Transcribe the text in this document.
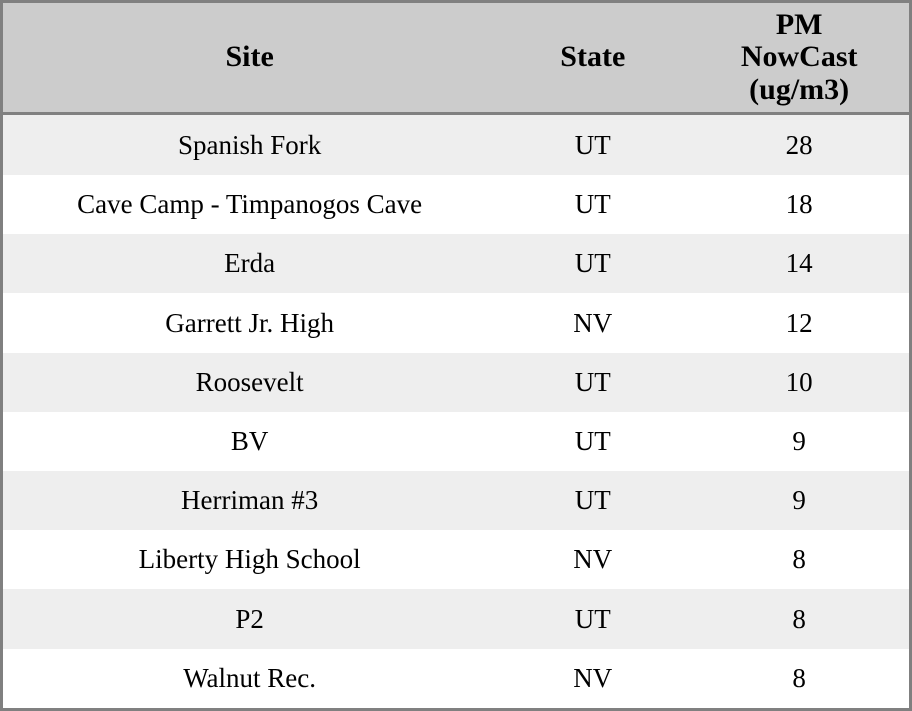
Site	State	PM
NowCast
(ug/m3)

Spanish Fork	UT	28
Cave Camp - Timpanogos Cave	UT	18
Erda	UT	14
Garrett Jr. High	NV	12
Roosevelt	UT	10
BV	UT	9
Herriman #3	UT	9
Liberty High School	NV	8
P2	UT	8
Walnut Rec.	NV	8
